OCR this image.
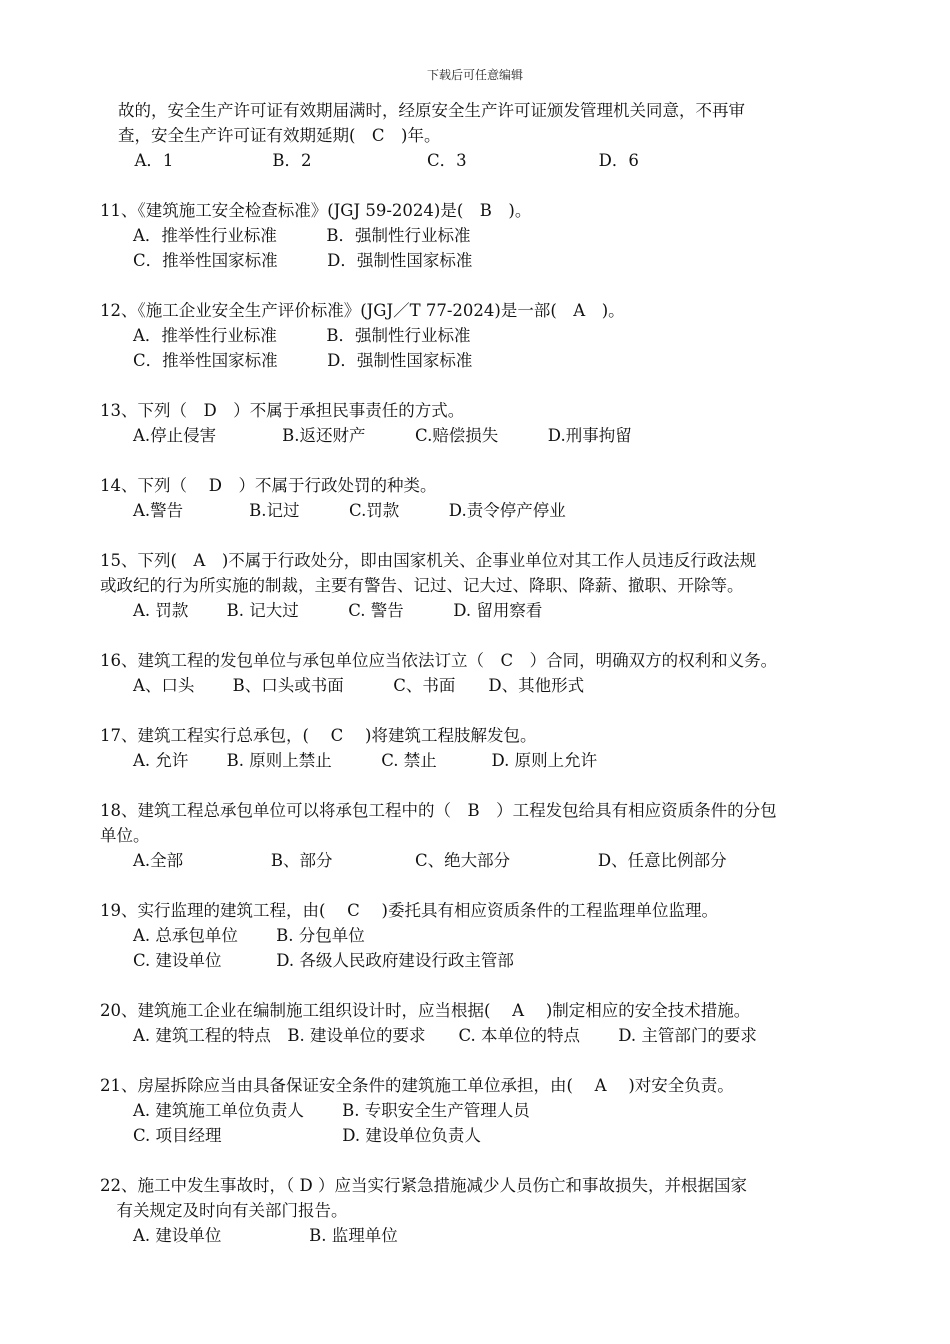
下载后可任意编辑
故的，安全生产许可证有效期届满时，经原安全生产许可证颁发管理机关同意，不再审
查，安全生产许可证有效期延期(　C　)年。
　A．1　　　　　　B．2　　　　　　　C．3　　　　　　　　D．6
11、《建筑施工安全检查标准》(JGJ 59-2024)是(　B　)。
　　A．推举性行业标准　　　B．强制性行业标准
　　C．推举性国家标准　　　D．强制性国家标准
12、《施工企业安全生产评价标准》(JGJ／T 77-2024)是一部(　A　)。
　　A．推举性行业标准　　　B．强制性行业标准
　　C．推举性国家标准　　　D．强制性国家标准
13、下列（　D　）不属于承担民事责任的方式。
　　A.停止侵害　　　　B.返还财产　　　C.赔偿损失　　　D.刑事拘留
14、下列（　 D　）不属于行政处罚的种类。
　　A.警告　　　　B.记过　　　C.罚款　　　D.责令停产停业
15、下列(　A　)不属于行政处分，即由国家机关、企事业单位对其工作人员违反行政法规
或政纪的行为所实施的制裁，主要有警告、记过、记大过、降职、降薪、撤职、开除等。
　　A. 罚款　　 B. 记大过　　　C. 警告　　　D. 留用察看
16、建筑工程的发包单位与承包单位应当依法订立（　C　）合同，明确双方的权利和义务。
　　A、口头　　 B、口头或书面　　　C、书面　　D、其他形式
17、建筑工程实行总承包，(　 C　 )将建筑工程肢解发包。
　　A. 允许　　 B. 原则上禁止　　　C. 禁止　　　 D. 原则上允许
18、建筑工程总承包单位可以将承包工程中的（　B　）工程发包给具有相应资质条件的分包
单位。
　　A.全部　　　　　 B、部分　　　　　C、绝大部分　　　　　 D、任意比例部分
19、实行监理的建筑工程，由(　 C　 )委托具有相应资质条件的工程监理单位监理。
　　A. 总承包单位　　 B. 分包单位
　　C. 建设单位　　　 D. 各级人民政府建设行政主管部
20、建筑施工企业在编制施工组织设计时，应当根据(　 A　 )制定相应的安全技术措施。
　　A. 建筑工程的特点　B. 建设单位的要求　　C. 本单位的特点　　 D. 主管部门的要求
21、房屋拆除应当由具备保证安全条件的建筑施工单位承担，由(　 A　 )对安全负责。
　　A. 建筑施工单位负责人　　 B. 专职安全生产管理人员
　　C. 项目经理　　　　　　　 D. 建设单位负责人
22、施工中发生事故时，（ D ）应当实行紧急措施减少人员伤亡和事故损失，并根据国家
　有关规定及时向有关部门报告。
　　A. 建设单位　　　　　 B. 监理单位
